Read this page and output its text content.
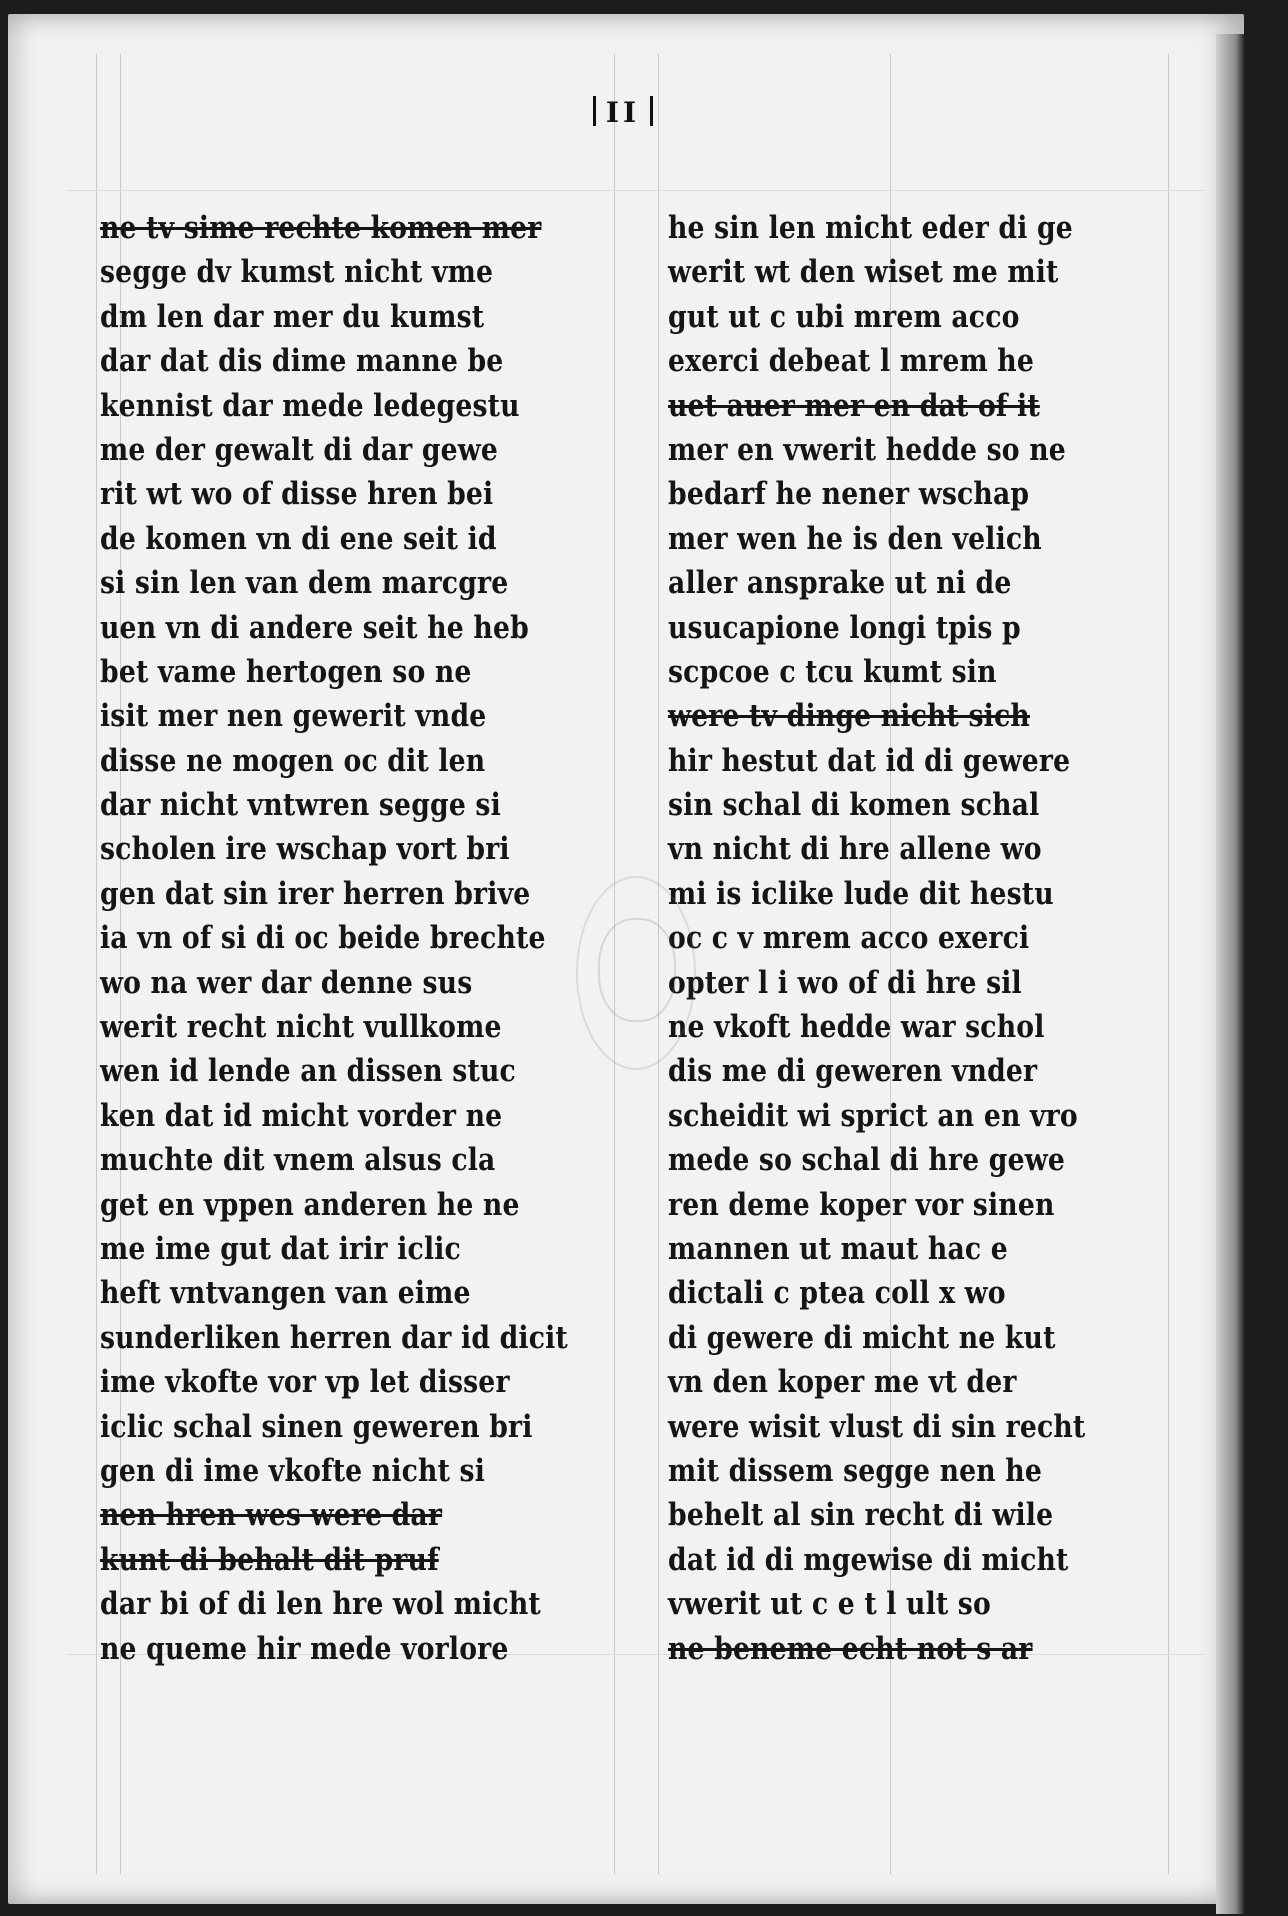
II
ne tv sime rechte komen mer
segge dv kumst nicht vme
dm len dar mer du kumst
dar dat dis dime manne be
kennist dar mede ledegestu
me der gewalt di dar gewe
rit wt wo of disse hren bei
de komen vn di ene seit id
si sin len van dem marcgre
uen vn di andere seit he heb
bet vame hertogen so ne
isit mer nen gewerit vnde
disse ne mogen oc dit len
dar nicht vntwren segge si
scholen ire wschap vort bri
gen dat sin irer herren brive
ia vn of si di oc beide brechte
wo na wer dar denne sus
werit recht nicht vullkome
wen id lende an dissen stuc
ken dat id micht vorder ne
muchte dit vnem alsus cla
get en vppen anderen he ne
me ime gut dat irir iclic
heft vntvangen van eime
sunderliken herren dar id dicit
ime vkofte vor vp let disser
iclic schal sinen geweren bri
gen di ime vkofte nicht si
nen hren wes were dar
kunt di behalt dit pruf
dar bi of di len hre wol micht
ne queme hir mede vorlore
he sin len micht eder di ge
werit wt den wiset me mit
gut ut c ubi mrem acco
exerci debeat l mrem he
uet auer mer en dat of it
mer en vwerit hedde so ne
bedarf he nener wschap
mer wen he is den velich
aller ansprake ut ni de
usucapione longi tpis p
scpcoe c tcu kumt sin
were tv dinge nicht sich
hir hestut dat id di gewere
sin schal di komen schal
vn nicht di hre allene wo
mi is iclike lude dit hestu
oc c v mrem acco exerci
opter l i wo of di hre sil
ne vkoft hedde war schol
dis me di geweren vnder
scheidit wi sprict an en vro
mede so schal di hre gewe
ren deme koper vor sinen
mannen ut maut hac e
dictali c ptea coll x wo
di gewere di micht ne kut
vn den koper me vt der
were wisit vlust di sin recht
mit dissem segge nen he
behelt al sin recht di wile
dat id di mgewise di micht
vwerit ut c e t l ult so
ne beneme echt not s ar
